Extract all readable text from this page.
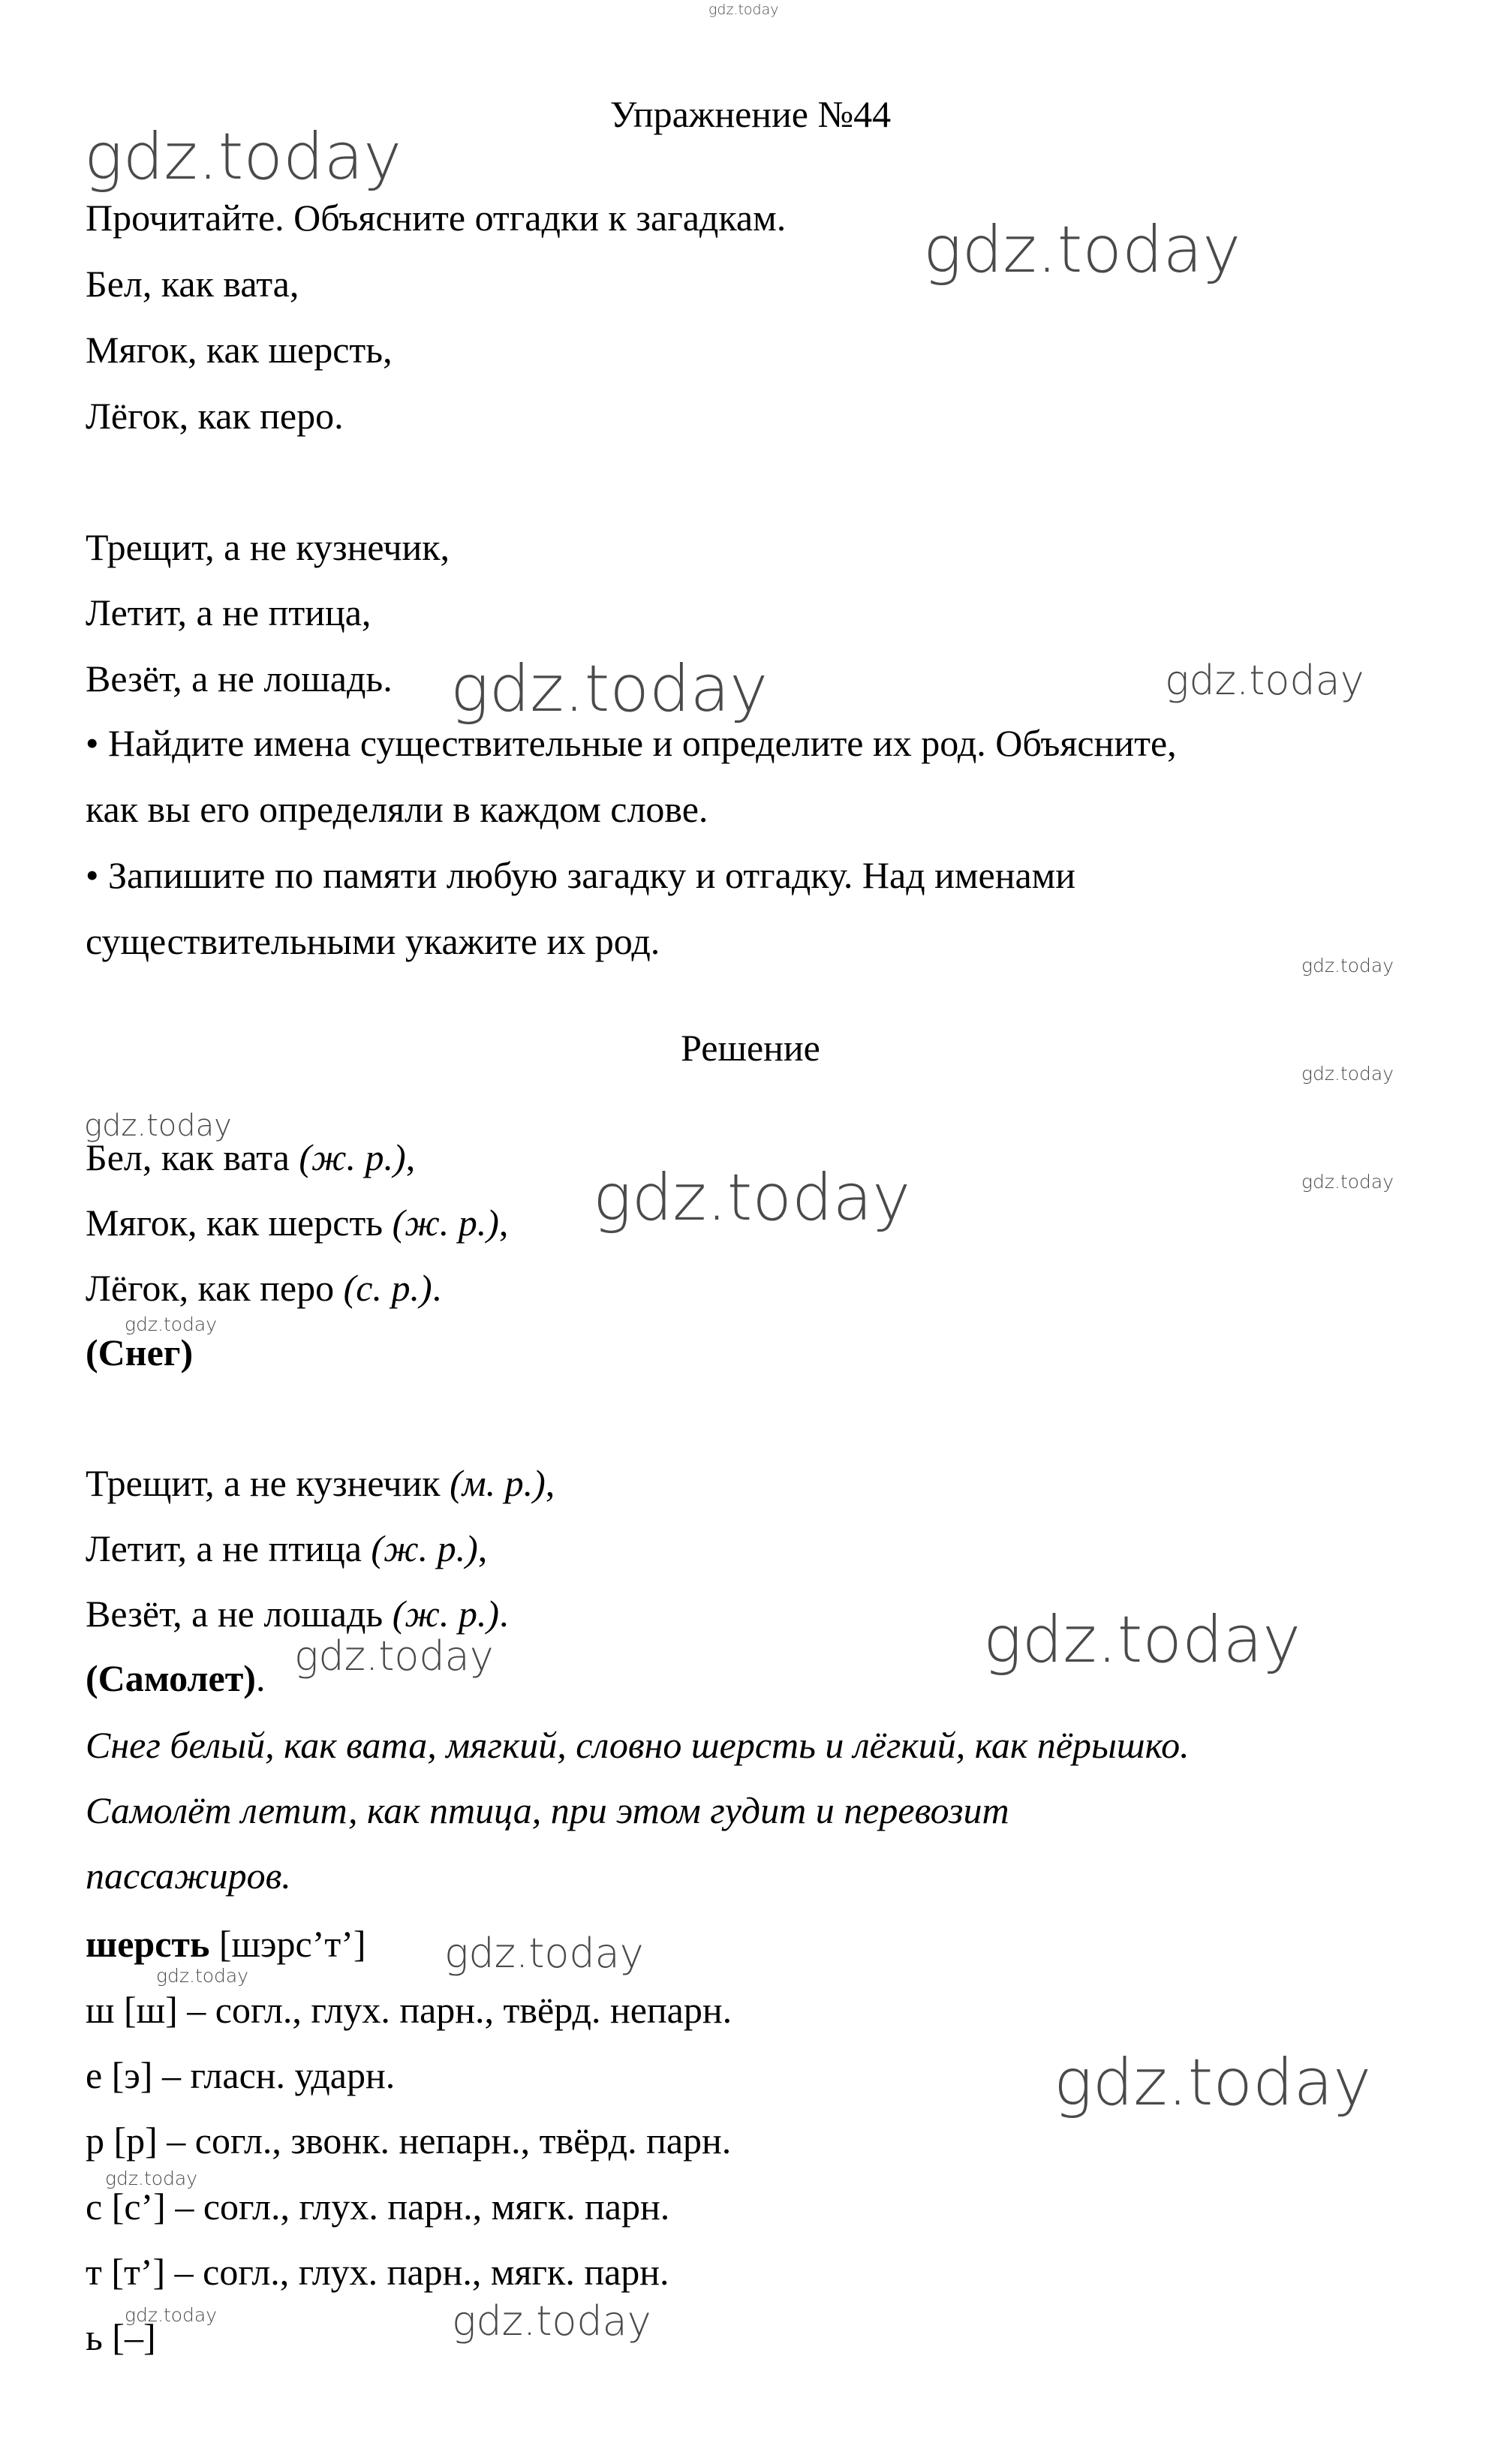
gdz.today
gdz.today
gdz.today
gdz.today	gdz.today
gdz.today
gdz.today
gdz.today
gdz.today	gdz.today
gdz.today
gdz.today
gdz.today
gdz.today
gdz.today
gdz.today
gdz.today
gdz.today
gdz.today

Упражнение №44

Прочитайте. Объясните отгадки к загадкам.

Бел, как вата,

Мягок, как шерсть,

Лёгок, как перо.

Трещит, а не кузнечик,

Летит, а не птица,

Везёт, а не лошадь.

• Найдите имена существительные и определите их род. Объясните,

как вы его определяли в каждом слове.

• Запишите по памяти любую загадку и отгадку. Над именами

существительными укажите их род.

Решение

Бел, как вата (ж. р.),

Мягок, как шерсть (ж. р.),

Лёгок, как перо (с. р.).

(Снег)

Трещит, а не кузнечик (м. р.),

Летит, а не птица (ж. р.),

Везёт, а не лошадь (ж. р.).

(Самолет).

Снег белый, как вата, мягкий, словно шерсть и лёгкий, как пёрышко.

Самолёт летит, как птица, при этом гудит и перевозит

пассажиров.

шерсть [шэрс’т’]

ш [ш] – согл., глух. парн., твёрд. непарн.

е [э] – гласн. ударн.

р [р] – согл., звонк. непарн., твёрд. парн.

с [с’] – согл., глух. парн., мягк. парн.

т [т’] – согл., глух. парн., мягк. парн.

ь [–]
